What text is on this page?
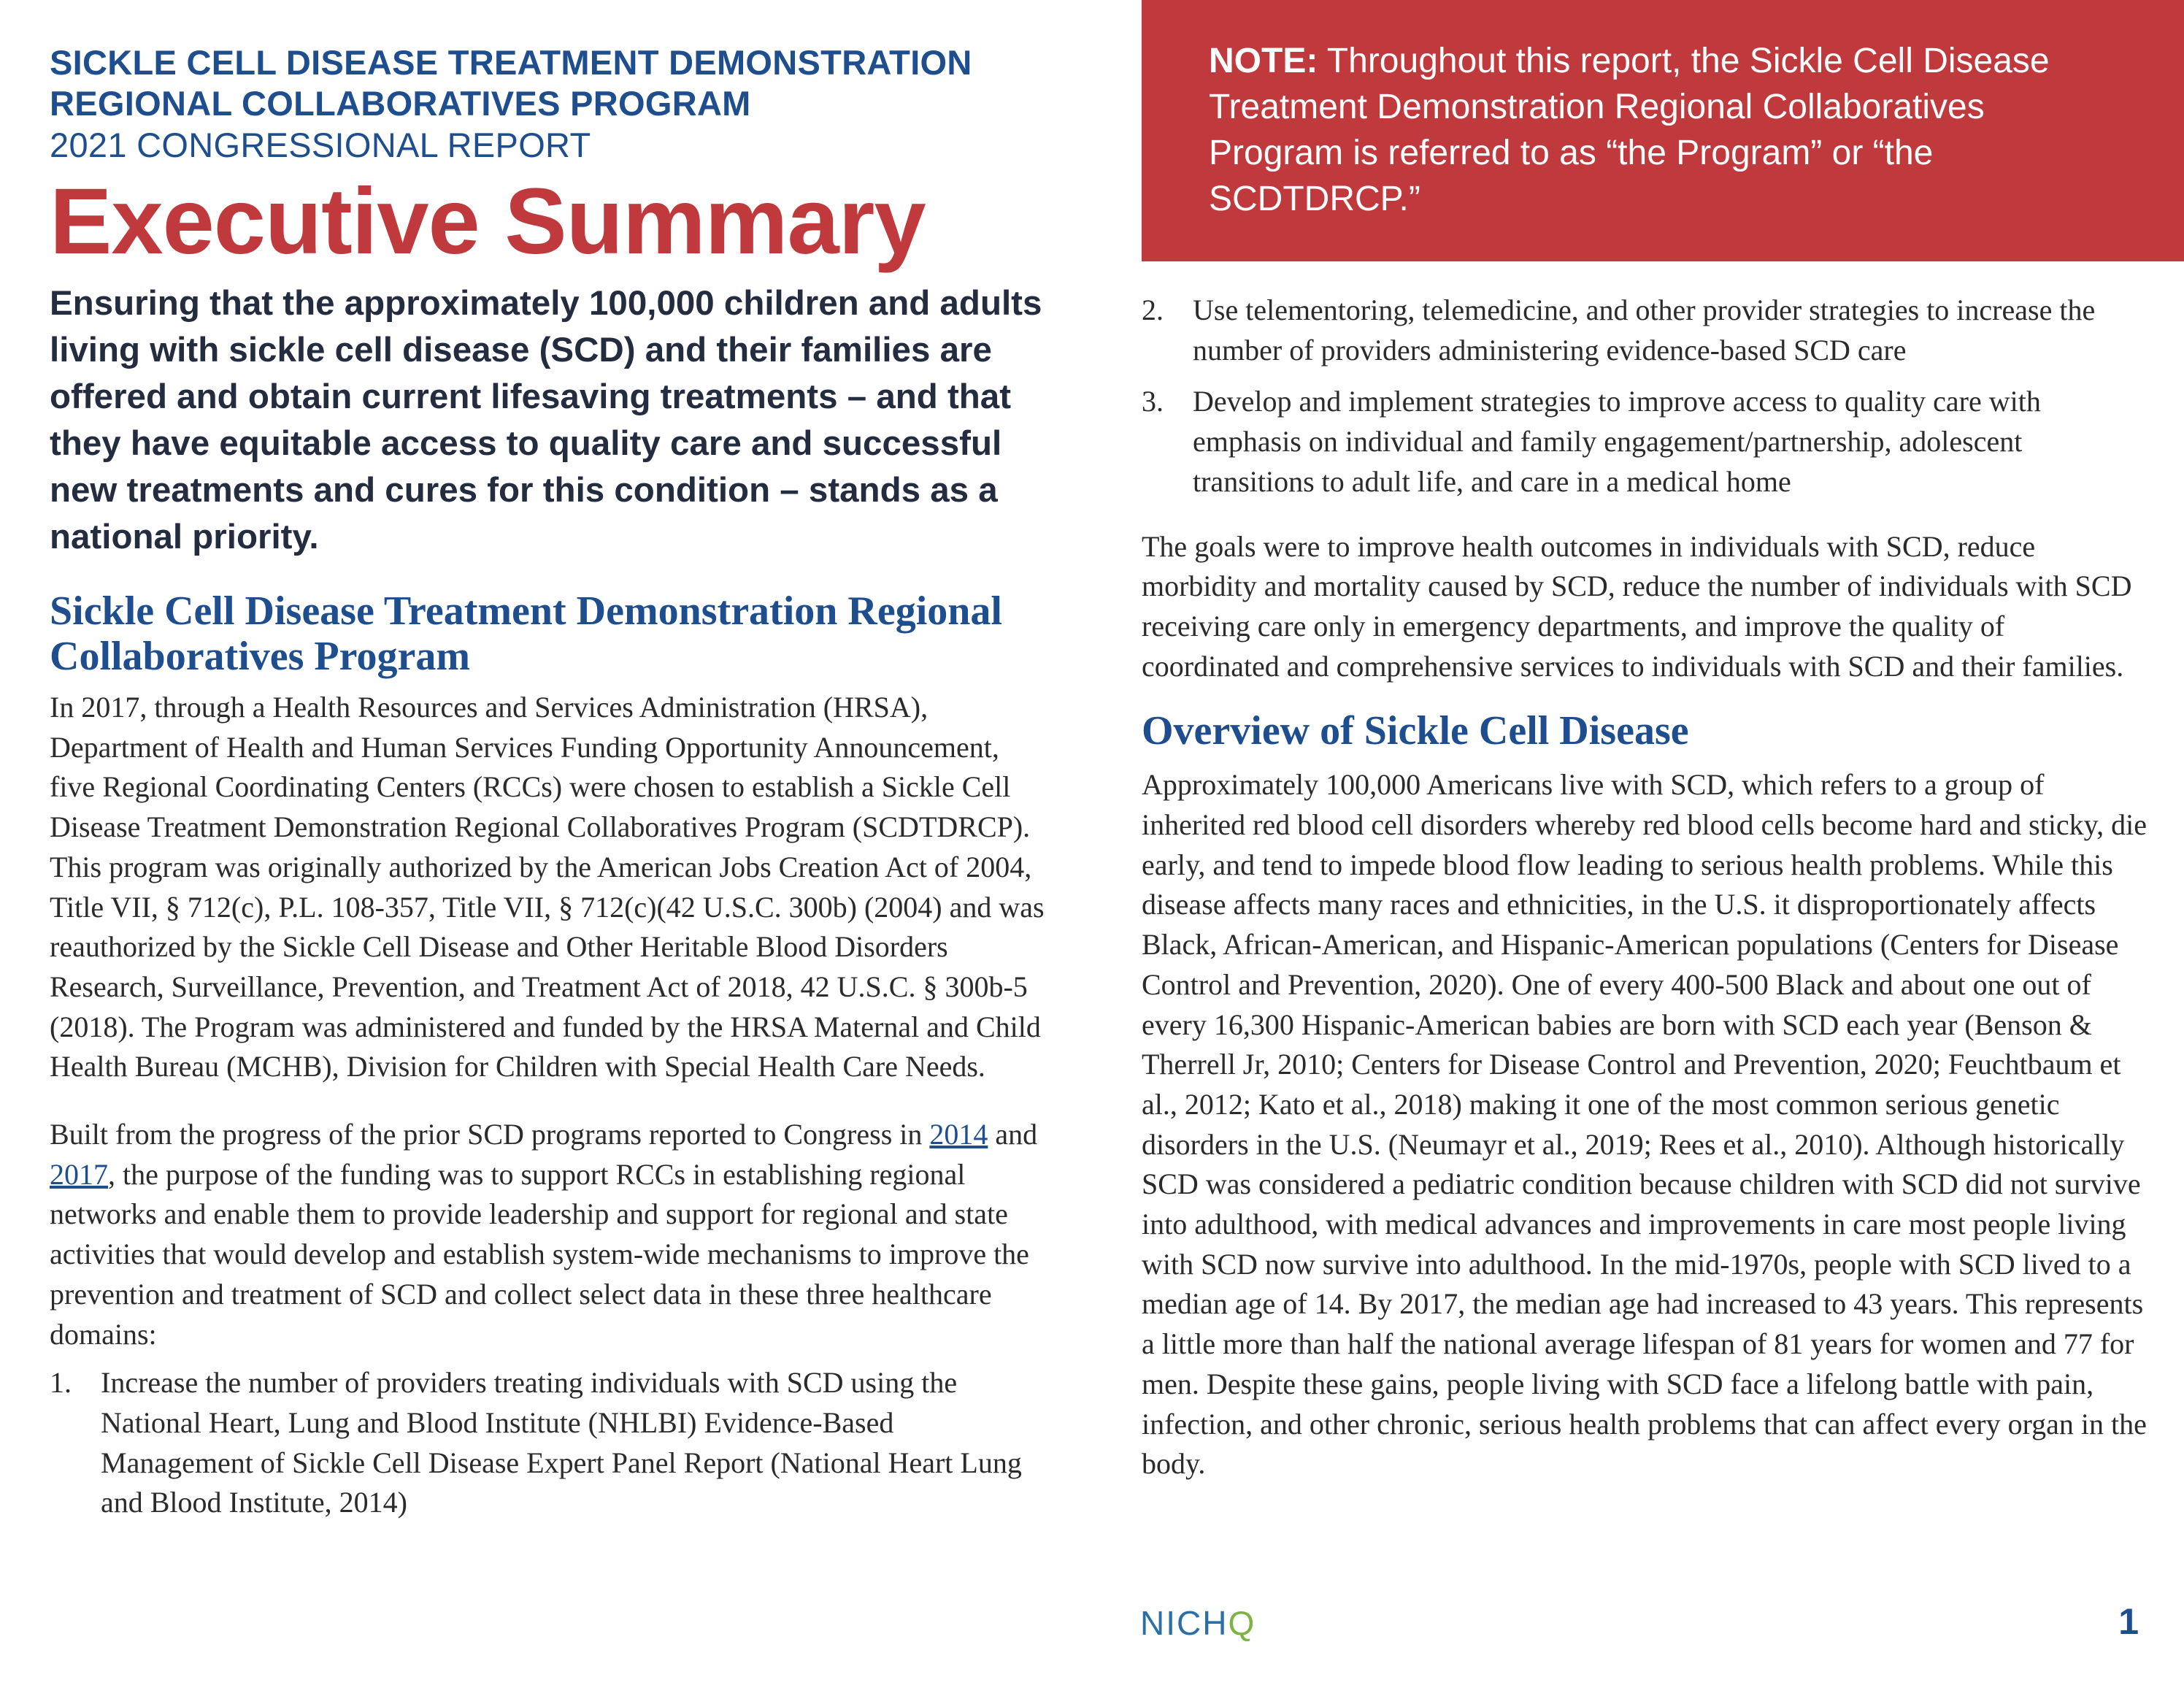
SICKLE CELL DISEASE TREATMENT DEMONSTRATION
REGIONAL COLLABORATIVES PROGRAM
2021 CONGRESSIONAL REPORT
Executive Summary
Ensuring that the approximately 100,000 children and adults living with sickle cell disease (SCD) and their families are offered and obtain current lifesaving treatments – and that they have equitable access to quality care and successful new treatments and cures for this condition – stands as a national priority.
Sickle Cell Disease Treatment Demonstration Regional Collaboratives Program

In 2017, through a Health Resources and Services Administration (HRSA), Department of Health and Human Services Funding Opportunity Announcement, five Regional Coordinating Centers (RCCs) were chosen to establish a Sickle Cell Disease Treatment Demonstration Regional Collaboratives Program (SCDTDRCP). This program was originally authorized by the American Jobs Creation Act of 2004, Title VII, § 712(c), P.L. 108-357, Title VII, § 712(c)(42 U.S.C. 300b) (2004) and was reauthorized by the Sickle Cell Disease and Other Heritable Blood Disorders Research, Surveillance, Prevention, and Treatment Act of 2018, 42 U.S.C. § 300b-5 (2018). The Program was administered and funded by the HRSA Maternal and Child Health Bureau (MCHB), Division for Children with Special Health Care Needs.

Built from the progress of the prior SCD programs reported to Congress in 2014 and 2017, the purpose of the funding was to support RCCs in establishing regional networks and enable them to provide leadership and support for regional and state activities that would develop and establish system-wide mechanisms to improve the prevention and treatment of SCD and collect select data in these three healthcare domains:

1. Increase the number of providers treating individuals with SCD using the National Heart, Lung and Blood Institute (NHLBI) Evidence-Based Management of Sickle Cell Disease Expert Panel Report (National Heart Lung and Blood Institute, 2014)
NOTE: Throughout this report, the Sickle Cell Disease Treatment Demonstration Regional Collaboratives Program is referred to as “the Program” or “the SCDTDRCP.”
2. Use telementoring, telemedicine, and other provider strategies to increase the number of providers administering evidence-based SCD care
3. Develop and implement strategies to improve access to quality care with emphasis on individual and family engagement/partnership, adolescent transitions to adult life, and care in a medical home

The goals were to improve health outcomes in individuals with SCD, reduce morbidity and mortality caused by SCD, reduce the number of individuals with SCD receiving care only in emergency departments, and improve the quality of coordinated and comprehensive services to individuals with SCD and their families.

Overview of Sickle Cell Disease

Approximately 100,000 Americans live with SCD, which refers to a group of inherited red blood cell disorders whereby red blood cells become hard and sticky, die early, and tend to impede blood flow leading to serious health problems. While this disease affects many races and ethnicities, in the U.S. it disproportionately affects Black, African-American, and Hispanic-American populations (Centers for Disease Control and Prevention, 2020). One of every 400-500 Black and about one out of every 16,300 Hispanic-American babies are born with SCD each year (Benson & Therrell Jr, 2010; Centers for Disease Control and Prevention, 2020; Feuchtbaum et al., 2012; Kato et al., 2018) making it one of the most common serious genetic disorders in the U.S. (Neumayr et al., 2019; Rees et al., 2010). Although historically SCD was considered a pediatric condition because children with SCD did not survive into adulthood, with medical advances and improvements in care most people living with SCD now survive into adulthood. In the mid-1970s, people with SCD lived to a median age of 14. By 2017, the median age had increased to 43 years. This represents a little more than half the national average lifespan of 81 years for women and 77 for men. Despite these gains, people living with SCD face a lifelong battle with pain, infection, and other chronic, serious health problems that can affect every organ in the body.

NICHQ	1
